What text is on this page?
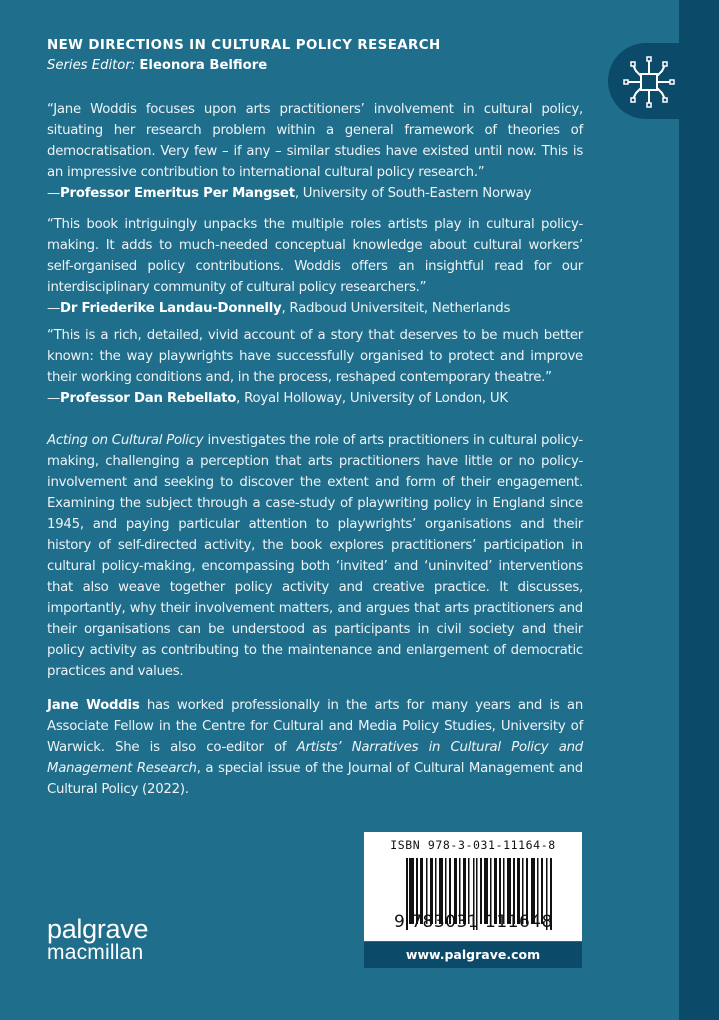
NEW DIRECTIONS IN CULTURAL POLICY RESEARCH
Series Editor: Eleonora Belfiore
“Jane Woddis focuses upon arts practitioners’ involvement in cultural policy, situating her research problem within a general framework of theories of democratisation. Very few – if any – similar studies have existed until now. This is an impressive contribution to international cultural policy research.”
—Professor Emeritus Per Mangset, University of South-Eastern Norway
“This book intriguingly unpacks the multiple roles artists play in cultural policy-making. It adds to much-needed conceptual knowledge about cultural workers’ self-organised policy contributions. Woddis offers an insightful read for our interdisciplinary community of cultural policy researchers.”
—Dr Friederike Landau-Donnelly, Radboud Universiteit, Netherlands
“This is a rich, detailed, vivid account of a story that deserves to be much better known: the way playwrights have successfully organised to protect and improve their working conditions and, in the process, reshaped contemporary theatre.”
—Professor Dan Rebellato, Royal Holloway, University of London, UK
Acting on Cultural Policy investigates the role of arts practitioners in cultural policy-making, challenging a perception that arts practitioners have little or no policy-involvement and seeking to discover the extent and form of their engagement. Examining the subject through a case-study of playwriting policy in England since 1945, and paying particular attention to playwrights’ organisations and their history of self-directed activity, the book explores practitioners’ participation in cultural policy-making, encompassing both ‘invited’ and ‘uninvited’ interventions that also weave together policy activity and creative practice. It discusses, importantly, why their involvement matters, and argues that arts practitioners and their organisations can be understood as participants in civil society and their policy activity as contributing to the maintenance and enlargement of democratic practices and values.
Jane Woddis has worked professionally in the arts for many years and is an Associate Fellow in the Centre for Cultural and Media Policy Studies, University of Warwick. She is also co-editor of Artists’ Narratives in Cultural Policy and Management Research, a special issue of the Journal of Cultural Management and Cultural Policy (2022).
palgrave
macmillan
ISBN 978-3-031-11164-8
9 783031 111648
www.palgrave.com
